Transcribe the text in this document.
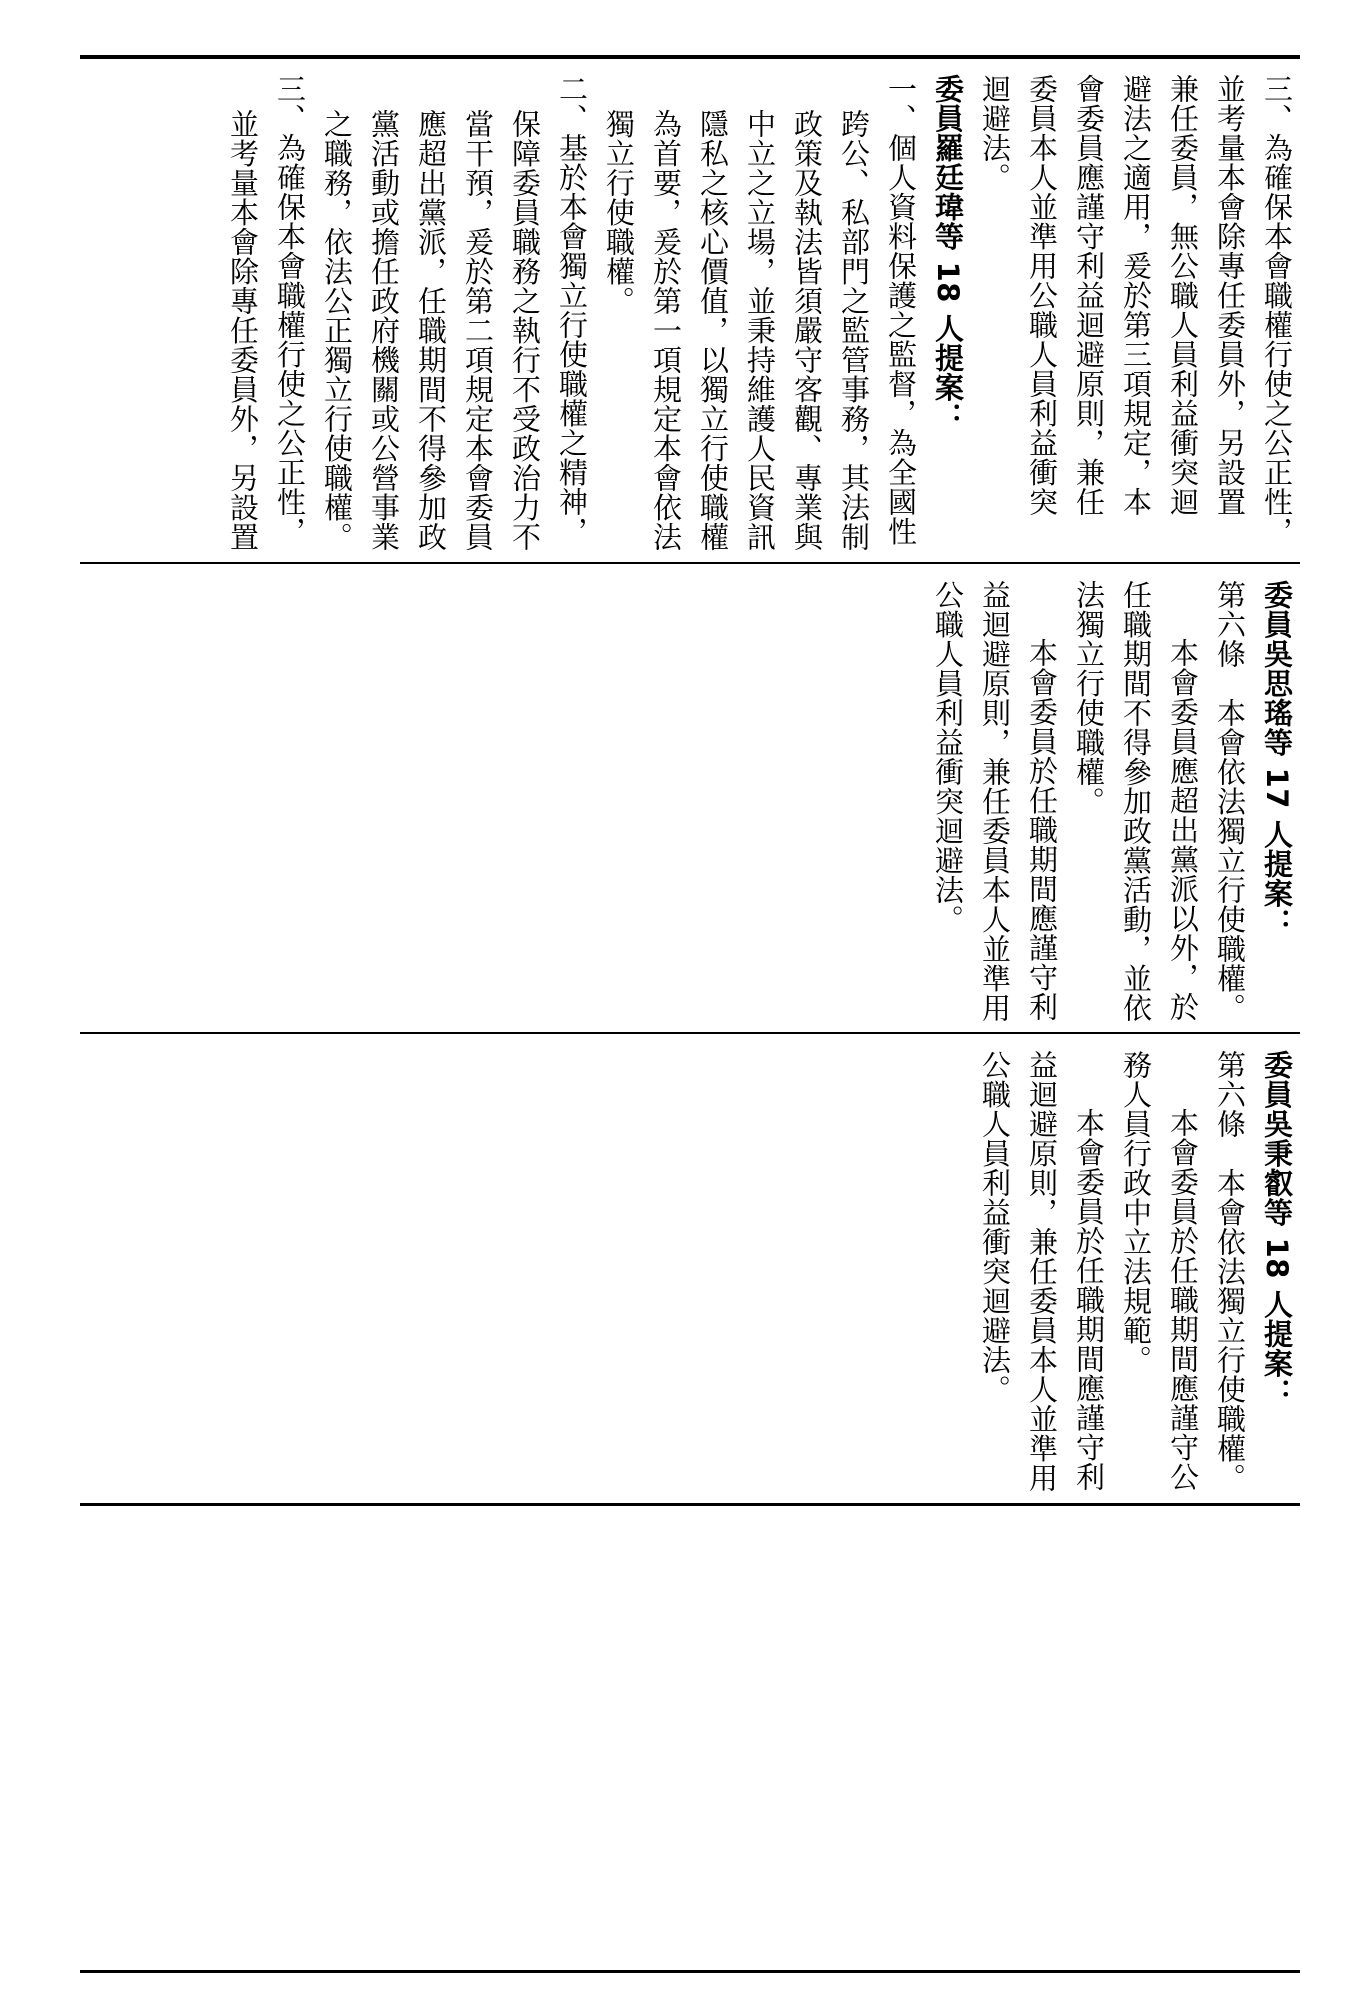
三、為確保本會職權行使之公正性，

並考量本會除專任委員外，另設置

兼任委員，無公職人員利益衝突迴

避法之適用，爰於第三項規定，本

會委員應謹守利益迴避原則，兼任

委員本人並準用公職人員利益衝突

迴避法。

委員羅廷瑋等 18 人提案：

一、個人資料保護之監督，為全國性跨公、私部門之監管事務，其法制政策及執法皆須嚴守客觀、專業與中立之立場，並秉持維護人民資訊隱私之核心價值，以獨立行使職權為首要，爰於第一項規定本會依法獨立行使職權。

二、基於本會獨立行使職權之精神，保障委員職務之執行不受政治力不當干預，爰於第二項規定本會委員應超出黨派，任職期間不得參加政黨活動或擔任政府機關或公營事業之職務，依法公正獨立行使職權。

三、為確保本會職權行使之公正性，並考量本會除專任委員外，另設置

委員吳思瑤等 17 人提案：

第六條　本會依法獨立行使職權。

本會委員應超出黨派以外，於任職期間不得參加政黨活動，並依法獨立行使職權。

本會委員於任職期間應謹守利益迴避原則，兼任委員本人並準用公職人員利益衝突迴避法。

委員吳秉叡等 18 人提案：

第六條　本會依法獨立行使職權。

本會委員於任職期間應謹守公務人員行政中立法規範。

本會委員於任職期間應謹守利益迴避原則，兼任委員本人並準用公職人員利益衝突迴避法。
